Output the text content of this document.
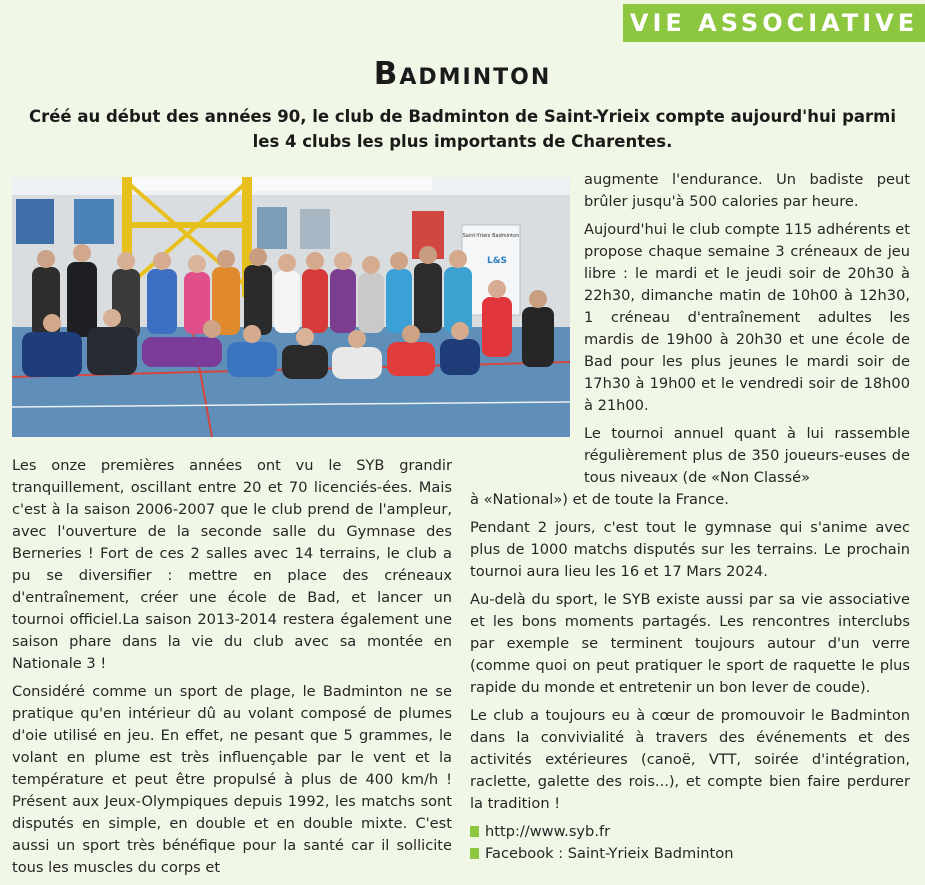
VIE ASSOCIATIVE
Badminton
Créé au début des années 90, le club de Badminton de Saint-Yrieix compte aujourd'hui parmi les 4 clubs les plus importants de Charentes.
Saint-Yrieix Badminton
L&S

Les onze premières années ont vu le SYB grandir tranquillement, oscillant entre 20 et 70 licenciés-ées. Mais c'est à la saison 2006-2007 que le club prend de l'ampleur, avec l'ouverture de la seconde salle du Gymnase des Berneries ! Fort de ces 2 salles avec 14 terrains, le club a pu se diversifier : mettre en place des créneaux d'entraînement, créer une école de Bad, et lancer un tournoi officiel.La saison 2013-2014 restera également une saison phare dans la vie du club avec sa montée en Nationale 3 !

Considéré comme un sport de plage, le Badminton ne se pratique qu'en intérieur dû au volant composé de plumes d'oie utilisé en jeu. En effet, ne pesant que 5 grammes, le volant en plume est très influençable par le vent et la température et peut être propulsé à plus de 400 km/h ! Présent aux Jeux-Olympiques depuis 1992, les matchs sont disputés en simple, en double et en double mixte. C'est aussi un sport très bénéfique pour la santé car il sollicite tous les muscles du corps et

augmente l'endurance. Un badiste peut brûler jusqu'à 500 calories par heure.

Aujourd'hui le club compte 115 adhérents et propose chaque semaine 3 créneaux de jeu libre : le mardi et le jeudi soir de 20h30 à 22h30, dimanche matin de 10h00 à 12h30, 1 créneau d'entraînement adultes les mardis de 19h00 à 20h30 et une école de Bad pour les plus jeunes le mardi soir de 17h30 à 19h00 et le vendredi soir de 18h00 à 21h00.

Le tournoi annuel quant à lui rassemble régulièrement plus de 350 joueurs-euses de tous niveaux (de «Non Classé»

à «National») et de toute la France.

Pendant 2 jours, c'est tout le gymnase qui s'anime avec plus de 1000 matchs disputés sur les terrains. Le prochain tournoi aura lieu les 16 et 17 Mars 2024.

Au-delà du sport, le SYB existe aussi par sa vie associative et les bons moments partagés. Les rencontres interclubs par exemple se terminent toujours autour d'un verre (comme quoi on peut pratiquer le sport de raquette le plus rapide du monde et entretenir un bon lever de coude).

Le club a toujours eu à cœur de promouvoir le Badminton dans la convivialité à travers des événements et des activités extérieures (canoë, VTT, soirée d'intégration, raclette, galette des rois...), et compte bien faire perdurer la tradition !

http://www.syb.fr
Facebook : Saint-Yrieix Badminton
